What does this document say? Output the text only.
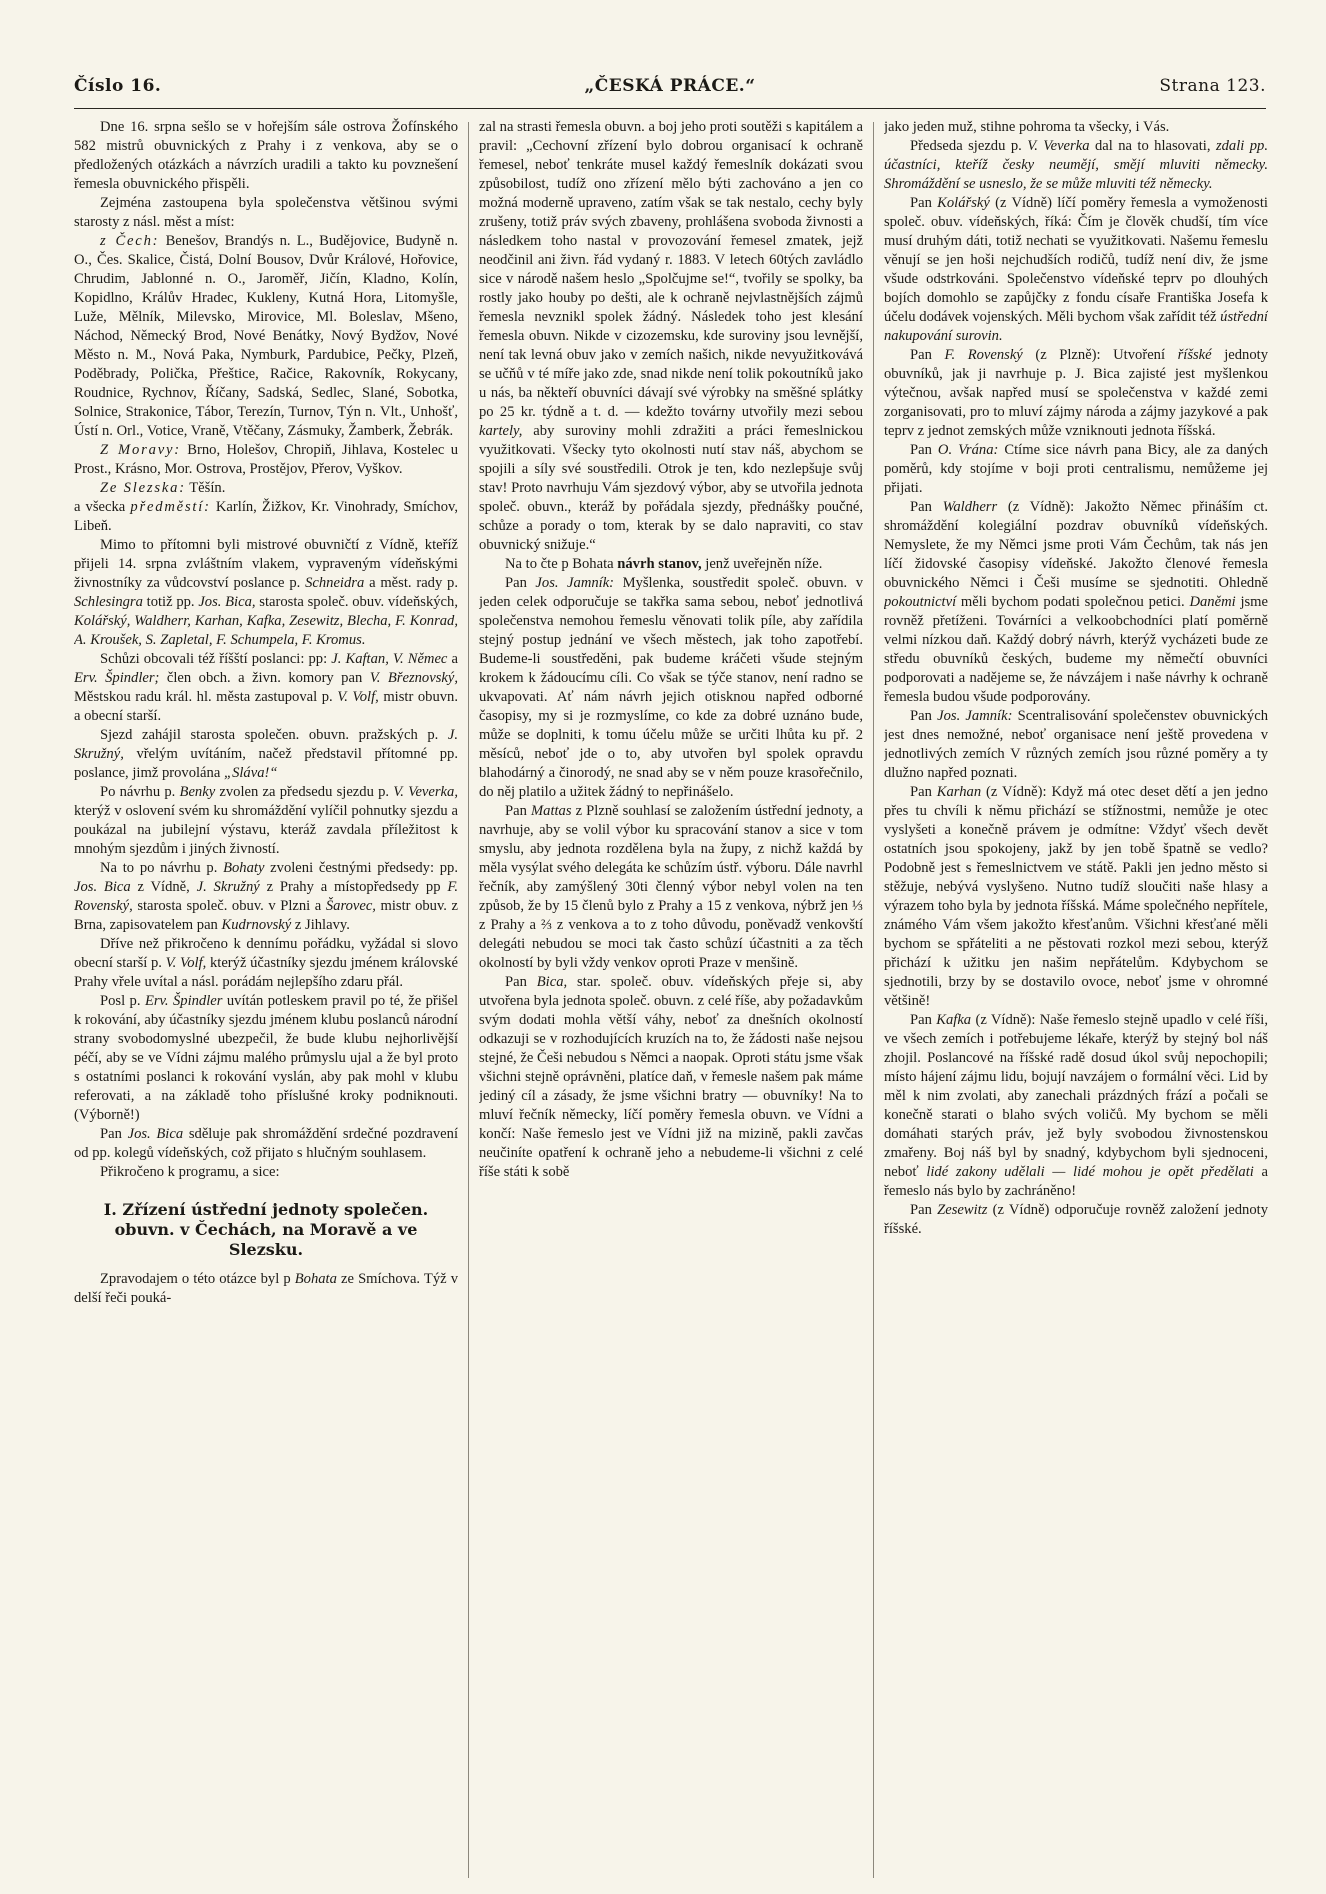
Číslo 16.	„ČESKÁ PRÁCE.“	Strana 123.

Dne 16. srpna sešlo se v hořejším sále ostrova Žofínského 582 mistrů obuvnických z Prahy i z venkova, aby se o předložených otázkách a návrzích uradili a takto ku povznešení řemesla obuvnického přispěli.

Zejména zastoupena byla společenstva většinou svými starosty z násl. měst a míst:

z Čech: Benešov, Brandýs n. L., Budějovice, Budyně n. O., Čes. Skalice, Čistá, Dolní Bousov, Dvůr Králové, Hořovice, Chrudim, Jablonné n. O., Jaroměř, Jičín, Kladno, Kolín, Kopidlno, Králův Hradec, Kukleny, Kutná Hora, Litomyšle, Luže, Mělník, Milevsko, Mirovice, Ml. Boleslav, Mšeno, Náchod, Německý Brod, Nové Benátky, Nový Bydžov, Nové Město n. M., Nová Paka, Nymburk, Pardubice, Pečky, Plzeň, Poděbrady, Polička, Přeštice, Račice, Rakovník, Rokycany, Roudnice, Rychnov, Říčany, Sadská, Sedlec, Slané, Sobotka, Solnice, Strakonice, Tábor, Terezín, Turnov, Týn n. Vlt., Unhošť, Ústí n. Orl., Votice, Vraně, Vtěčany, Zásmuky, Žamberk, Žebrák.

Z Moravy: Brno, Holešov, Chropiň, Jihlava, Kostelec u Prost., Krásno, Mor. Ostrova, Prostějov, Přerov, Vyškov.

Ze Slezska: Těšín.

a všecka předměstí: Karlín, Žižkov, Kr. Vinohrady, Smíchov, Libeň.

Mimo to přítomni byli mistrové obuvničtí z Vídně, kteříž přijeli 14. srpna zvláštním vlakem, vypraveným vídeňskými živnostníky za vůdcovství poslance p. Schneidra a měst. rady p. Schlesingra totiž pp. Jos. Bica, starosta společ. obuv. vídeňských, Kolářský, Waldherr, Karhan, Kafka, Zesewitz, Blecha, F. Konrad, A. Kroušek, S. Zapletal, F. Schumpela, F. Kromus.

Schůzi obcovali též říšští poslanci: pp: J. Kaftan, V. Němec a Erv. Špindler; člen obch. a živn. komory pan V. Březnovský, Městskou radu král. hl. města zastupoval p. V. Volf, mistr obuvn. a obecní starší.

Sjezd zahájil starosta společen. obuvn. pražských p. J. Skružný, vřelým uvítáním, načež představil přítomné pp. poslance, jimž provolána „Sláva!“

Po návrhu p. Benky zvolen za předsedu sjezdu p. V. Veverka, kterýž v oslovení svém ku shromáždění vylíčil pohnutky sjezdu a poukázal na jubilejní výstavu, kteráž zavdala příležitost k mnohým sjezdům i jiných živností.

Na to po návrhu p. Bohaty zvoleni čestnými předsedy: pp. Jos. Bica z Vídně, J. Skružný z Prahy a místopředsedy pp F. Rovenský, starosta společ. obuv. v Plzni a Šarovec, mistr obuv. z Brna, zapisovatelem pan Kudrnovský z Jihlavy.

Dříve než přikročeno k dennímu pořádku, vyžádal si slovo obecní starší p. V. Volf, kterýž účastníky sjezdu jménem královské Prahy vřele uvítal a násl. porádám nejlepšího zdaru přál.

Posl p. Erv. Špindler uvítán potleskem pravil po té, že přišel k rokování, aby účastníky sjezdu jménem klubu poslanců národní strany svobodomyslné ubezpečil, že bude klubu nejhorlivější péčí, aby se ve Vídni zájmu malého průmyslu ujal a že byl proto s ostatními poslanci k rokování vyslán, aby pak mohl v klubu referovati, a na základě toho příslušné kroky podniknouti. (Výborně!)

Pan Jos. Bica sděluje pak shromáždění srdečné pozdravení od pp. kolegů vídeňských, což přijato s hlučným souhlasem.

Přikročeno k programu, a sice:

I. Zřízení ústřední jednoty společen. obuvn. v Čechách, na Moravě a ve Slezsku.

Zpravodajem o této otázce byl p Bohata ze Smíchova. Týž v delší řeči pouká-

zal na strasti řemesla obuvn. a boj jeho proti soutěži s kapitálem a pravil: „Cechovní zřízení bylo dobrou organisací k ochraně řemesel, neboť tenkráte musel každý řemeslník dokázati svou způsobilost, tudíž ono zřízení mělo býti zachováno a jen co možná moderně upraveno, zatím však se tak nestalo, cechy byly zrušeny, totiž práv svých zbaveny, prohlášena svoboda živnosti a následkem toho nastal v provozování řemesel zmatek, jejž neodčinil ani živn. řád vydaný r. 1883. V letech 60tých zavládlo sice v národě našem heslo „Spolčujme se!“, tvořily se spolky, ba rostly jako houby po dešti, ale k ochraně nejvlastnějších zájmů řemesla nevznikl spolek žádný. Následek toho jest klesání řemesla obuvn. Nikde v cizozemsku, kde suroviny jsou levnější, není tak levná obuv jako v zemích našich, nikde nevyužitkovává se učňů v té míře jako zde, snad nikde není tolik pokoutníků jako u nás, ba někteří obuvníci dávají své výrobky na směšné splátky po 25 kr. týdně a t. d. — kdežto továrny utvořily mezi sebou kartely, aby suroviny mohli zdražiti a práci řemeslnickou využitkovati. Všecky tyto okolnosti nutí stav náš, abychom se spojili a síly své soustředili. Otrok je ten, kdo nezlepšuje svůj stav! Proto navrhuju Vám sjezdový výbor, aby se utvořila jednota společ. obuvn., kteráž by pořádala sjezdy, přednášky poučné, schůze a porady o tom, kterak by se dalo napraviti, co stav obuvnický snižuje.“

Na to čte p Bohata návrh stanov, jenž uveřejněn níže.

Pan Jos. Jamník: Myšlenka, soustředit společ. obuvn. v jeden celek odporučuje se takřka sama sebou, neboť jednotlivá společenstva nemohou řemeslu věnovati tolik píle, aby zařídila stejný postup jednání ve všech městech, jak toho zapotřebí. Budeme-li soustředěni, pak budeme kráčeti všude stejným krokem k žádoucímu cíli. Co však se týče stanov, není radno se ukvapovati. Ať nám návrh jejich otisknou napřed odborné časopisy, my si je rozmyslíme, co kde za dobré uznáno bude, může se doplniti, k tomu účelu může se určiti lhůta ku př. 2 měsíců, neboť jde o to, aby utvořen byl spolek opravdu blahodárný a činorodý, ne snad aby se v něm pouze krasořečnilo, do něj platilo a užitek žádný to nepřinášelo.

Pan Mattas z Plzně souhlasí se založením ústřední jednoty, a navrhuje, aby se volil výbor ku spracování stanov a sice v tom smyslu, aby jednota rozdělena byla na župy, z nichž každá by měla vysýlat svého delegáta ke schůzím ústř. výboru. Dále navrhl řečník, aby zamýšlený 30ti členný výbor nebyl volen na ten způsob, že by 15 členů bylo z Prahy a 15 z venkova, nýbrž jen ⅓ z Prahy a ⅔ z venkova a to z toho důvodu, poněvadž venkovští delegáti nebudou se moci tak často schůzí účastniti a za těch okolností by byli vždy venkov oproti Praze v menšině.

Pan Bica, star. společ. obuv. vídeňských přeje si, aby utvořena byla jednota společ. obuvn. z celé říše, aby požadavkům svým dodati mohla větší váhy, neboť za dnešních okolností odkazuji se v rozhodujících kruzích na to, že žádosti naše nejsou stejné, že Češi nebudou s Němci a naopak. Oproti státu jsme však všichni stejně oprávněni, platíce daň, v řemesle našem pak máme jediný cíl a zásady, že jsme všichni bratry — obuvníky! Na to mluví řečník německy, líčí poměry řemesla obuvn. ve Vídni a končí: Naše řemeslo jest ve Vídni již na mizině, pakli zavčas neučiníte opatření k ochraně jeho a nebudeme-li všichni z celé říše státi k sobě

jako jeden muž, stihne pohroma ta všecky, i Vás.

Předseda sjezdu p. V. Veverka dal na to hlasovati, zdali pp. účastníci, kteříž česky neumějí, smějí mluviti německy. Shromáždění se usneslo, že se může mluviti též německy.

Pan Kolářský (z Vídně) líčí poměry řemesla a vymoženosti společ. obuv. vídeňských, říká: Čím je člověk chudší, tím více musí druhým dáti, totiž nechati se využitkovati. Našemu řemeslu věnují se jen hoši nejchudších rodičů, tudíž není div, že jsme všude odstrkováni. Společenstvo vídeňské teprv po dlouhých bojích domohlo se zapůjčky z fondu císaře Františka Josefa k účelu dodávek vojenských. Měli bychom však zařídit též ústřední nakupování surovin.

Pan F. Rovenský (z Plzně): Utvoření říšské jednoty obuvníků, jak ji navrhuje p. J. Bica zajisté jest myšlenkou výtečnou, avšak napřed musí se společenstva v každé zemi zorganisovati, pro to mluví zájmy národa a zájmy jazykové a pak teprv z jednot zemských může vzniknouti jednota říšská.

Pan O. Vrána: Ctíme sice návrh pana Bicy, ale za daných poměrů, kdy stojíme v boji proti centralismu, nemůžeme jej přijati.

Pan Waldherr (z Vídně): Jakožto Němec přináším ct. shromáždění kolegiální pozdrav obuvníků vídeňských. Nemyslete, že my Němci jsme proti Vám Čechům, tak nás jen líčí židovské časopisy vídeňské. Jakožto členové řemesla obuvnického Němci i Češi musíme se sjednotiti. Ohledně pokoutnictví měli bychom podati společnou petici. Daněmi jsme rovněž přetíženi. Továrníci a velkoobchodníci platí poměrně velmi nízkou daň. Každý dobrý návrh, kterýž vycházeti bude ze středu obuvníků českých, budeme my němečtí obuvníci podporovati a nadějeme se, že návzájem i naše návrhy k ochraně řemesla budou všude podporovány.

Pan Jos. Jamník: Scentralisování společenstev obuvnických jest dnes nemožné, neboť organisace není ještě provedena v jednotlivých zemích V různých zemích jsou různé poměry a ty dlužno napřed poznati.

Pan Karhan (z Vídně): Když má otec deset dětí a jen jedno přes tu chvíli k němu přichází se stížnostmi, nemůže je otec vyslyšeti a konečně právem je odmítne: Vždyť všech devět ostatních jsou spokojeny, jakž by jen tobě špatně se vedlo? Podobně jest s řemeslnictvem ve státě. Pakli jen jedno město si stěžuje, nebývá vyslyšeno. Nutno tudíž sloučiti naše hlasy a výrazem toho byla by jednota říšská. Máme společného nepřítele, známého Vám všem jakožto křesťanům. Všichni křesťané měli bychom se spřáteliti a ne pěstovati rozkol mezi sebou, kterýž přichází k užitku jen našim nepřátelům. Kdybychom se sjednotili, brzy by se dostavilo ovoce, neboť jsme v ohromné většině!

Pan Kafka (z Vídně): Naše řemeslo stejně upadlo v celé říši, ve všech zemích i potřebujeme lékaře, kterýž by stejný bol náš zhojil. Poslancové na říšské radě dosud úkol svůj nepochopili; místo hájení zájmu lidu, bojují navzájem o formální věci. Lid by měl k nim zvolati, aby zanechali prázdných frází a počali se konečně starati o blaho svých voličů. My bychom se měli domáhati starých práv, jež byly svobodou živnostenskou zmařeny. Boj náš byl by snadný, kdybychom byli sjednoceni, neboť lidé zakony udělali — lidé mohou je opět předělati a řemeslo nás bylo by zachráněno!

Pan Zesewitz (z Vídně) odporučuje rovněž založení jednoty říšské.
